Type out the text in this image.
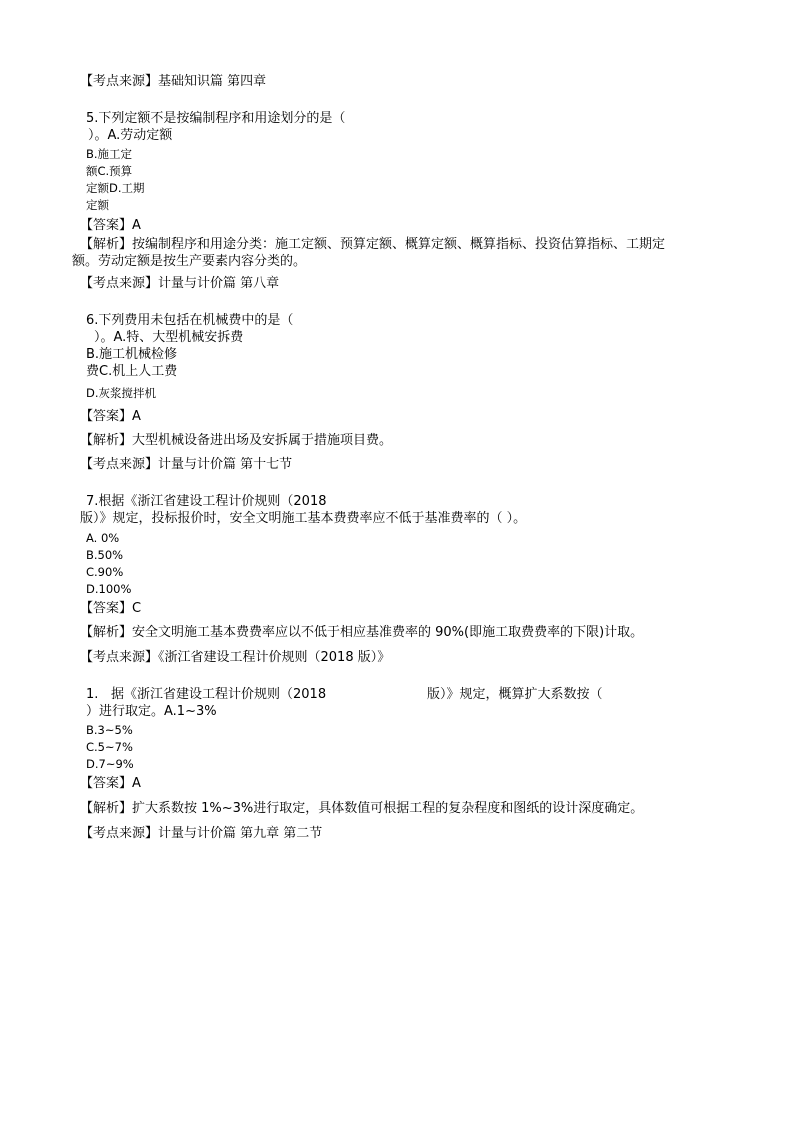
【考点来源】基础知识篇 第四章
5.下列定额不是按编制程序和用途划分的是（
）。A.劳动定额
B.施工定
额C.预算
定额D.工期
定额
【答案】A
【解析】按编制程序和用途分类：施工定额、预算定额、概算定额、概算指标、投资估算指标、工期定
额。劳动定额是按生产要素内容分类的。
【考点来源】计量与计价篇 第八章
6.下列费用未包括在机械费中的是（
）。A.特、大型机械安拆费
B.施工机械检修
费C.机上人工费
D.灰浆搅拌机
【答案】A
【解析】大型机械设备进出场及安拆属于措施项目费。
【考点来源】计量与计价篇 第十七节
7.根据《浙江省建设工程计价规则（2018
版）》规定，投标报价时，安全文明施工基本费费率应不低于基准费率的（ ）。
A. 0%
B.50%
C.90%
D.100%
【答案】C
【解析】安全文明施工基本费费率应以不低于相应基准费率的 90%(即施工取费费率的下限)计取。
【考点来源】《浙江省建设工程计价规则（2018 版）》
1. 据《浙江省建设工程计价规则（2018	版）》规定，概算扩大系数按（
）进行取定。A.1~3%
B.3~5%
C.5~7%
D.7~9%
【答案】A
【解析】扩大系数按 1%~3%进行取定，具体数值可根据工程的复杂程度和图纸的设计深度确定。
【考点来源】计量与计价篇 第九章 第二节
